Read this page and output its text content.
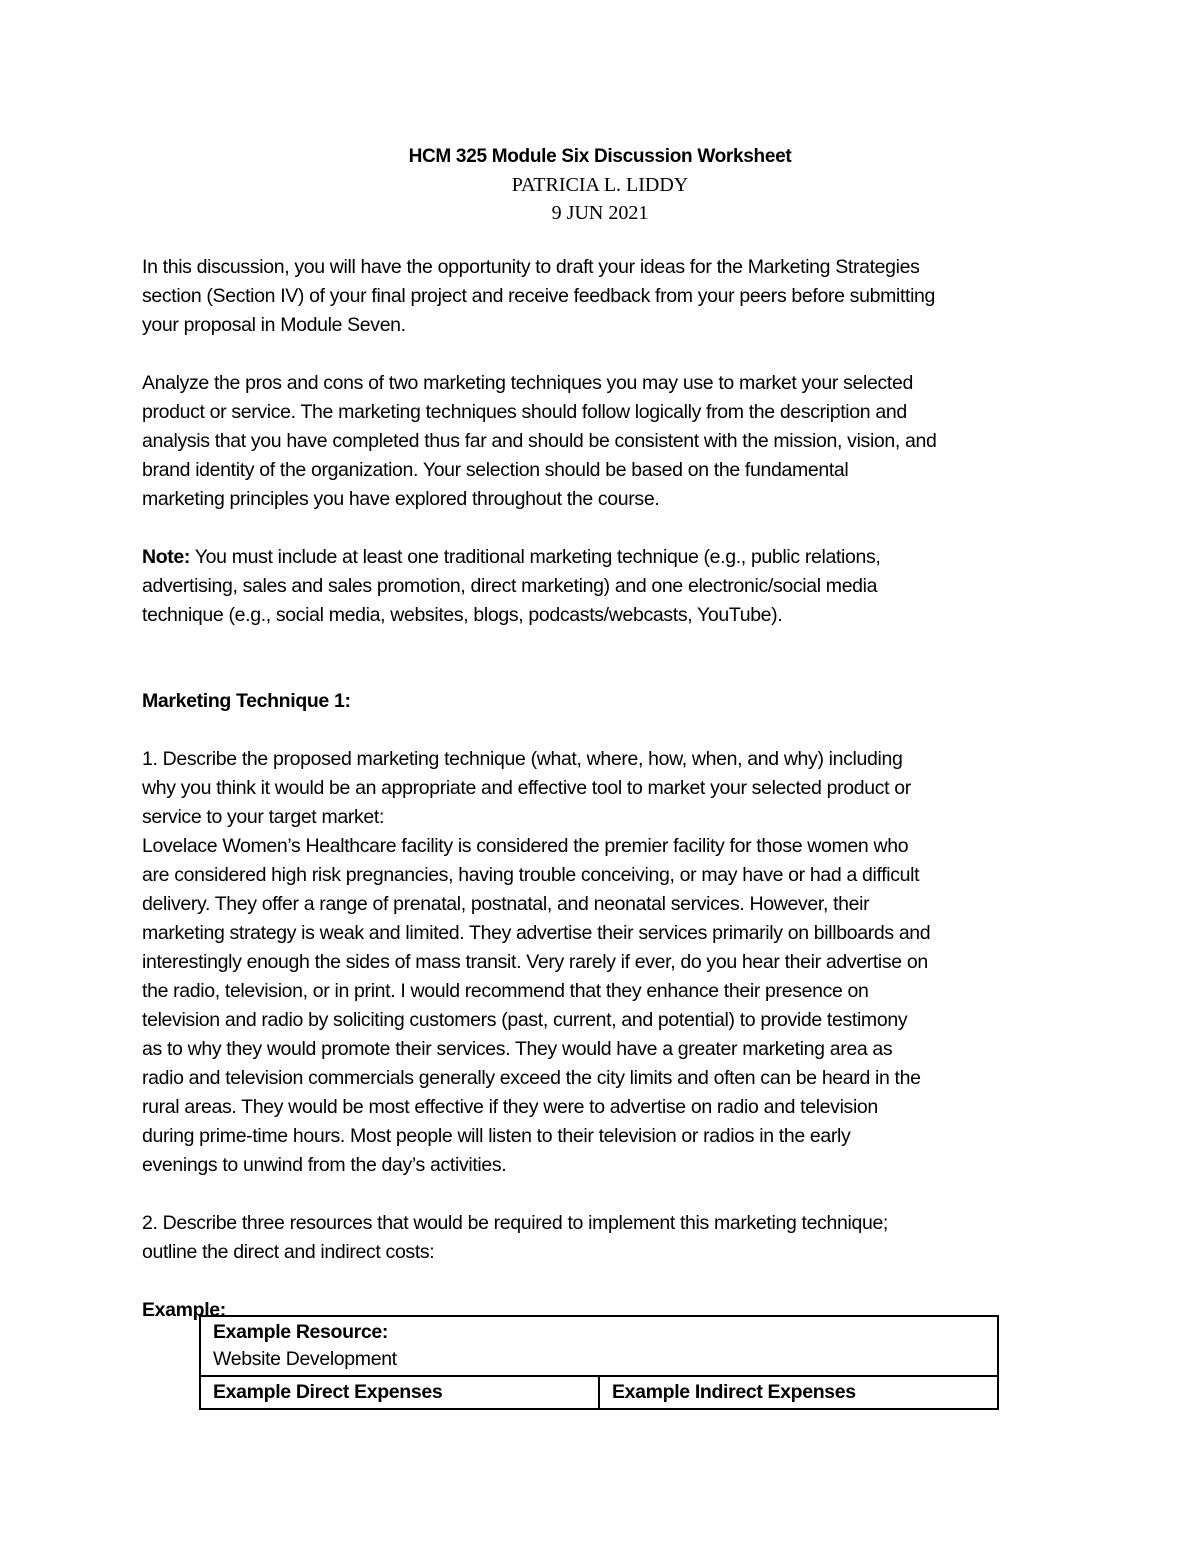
HCM 325 Module Six Discussion Worksheet
PATRICIA L. LIDDY
9 JUN 2021

In this discussion, you will have the opportunity to draft your ideas for the Marketing Strategies

section (Section IV) of your final project and receive feedback from your peers before submitting

your proposal in Module Seven.

Analyze the pros and cons of two marketing techniques you may use to market your selected

product or service. The marketing techniques should follow logically from the description and

analysis that you have completed thus far and should be consistent with the mission, vision, and

brand identity of the organization. Your selection should be based on the fundamental

marketing principles you have explored throughout the course.

Note: You must include at least one traditional marketing technique (e.g., public relations,

advertising, sales and sales promotion, direct marketing) and one electronic/social media

technique (e.g., social media, websites, blogs, podcasts/webcasts, YouTube).

Marketing Technique 1:

1. Describe the proposed marketing technique (what, where, how, when, and why) including

why you think it would be an appropriate and effective tool to market your selected product or

service to your target market:

Lovelace Women’s Healthcare facility is considered the premier facility for those women who

are considered high risk pregnancies, having trouble conceiving, or may have or had a difficult

delivery. They offer a range of prenatal, postnatal, and neonatal services. However, their

marketing strategy is weak and limited. They advertise their services primarily on billboards and

interestingly enough the sides of mass transit. Very rarely if ever, do you hear their advertise on

the radio, television, or in print. I would recommend that they enhance their presence on

television and radio by soliciting customers (past, current, and potential) to provide testimony

as to why they would promote their services. They would have a greater marketing area as

radio and television commercials generally exceed the city limits and often can be heard in the

rural areas. They would be most effective if they were to advertise on radio and television

during prime-time hours. Most people will listen to their television or radios in the early

evenings to unwind from the day’s activities.

2. Describe three resources that would be required to implement this marketing technique;

outline the direct and indirect costs:

Example:

Example Resource:
Website Development

Example Direct Expenses	Example Indirect Expenses
